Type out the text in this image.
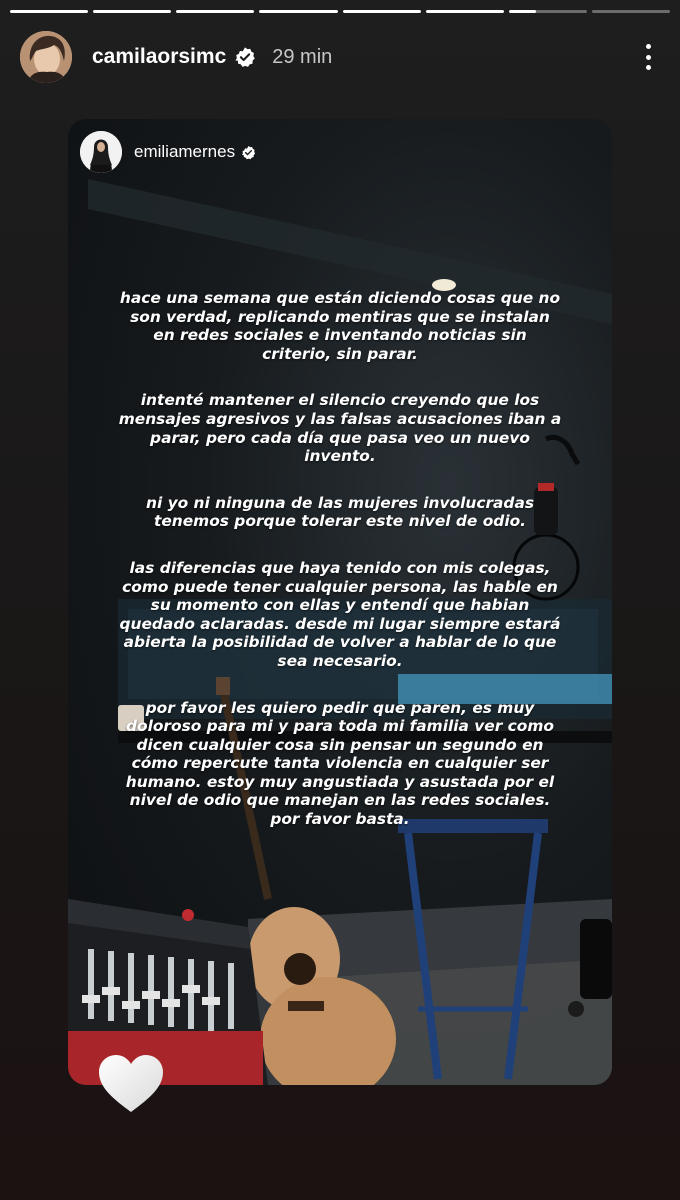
camilaorsimc 29 min
emiliamernes

hace una semana que están diciendo cosas que no son verdad, replicando mentiras que se instalan en redes sociales e inventando noticias sin criterio, sin parar.

intenté mantener el silencio creyendo que los mensajes agresivos y las falsas acusaciones iban a parar, pero cada día que pasa veo un nuevo invento.

ni yo ni ninguna de las mujeres involucradas tenemos porque tolerar este nivel de odio.

las diferencias que haya tenido con mis colegas, como puede tener cualquier persona, las hable en su momento con ellas y entendí que habian quedado aclaradas. desde mi lugar siempre estará abierta la posibilidad de volver a hablar de lo que sea necesario.

por favor les quiero pedir que paren, es muy doloroso para mi y para toda mi familia ver como dicen cualquier cosa sin pensar un segundo en cómo repercute tanta violencia en cualquier ser humano. estoy muy angustiada y asustada por el nivel de odio que manejan en las redes sociales. por favor basta.
